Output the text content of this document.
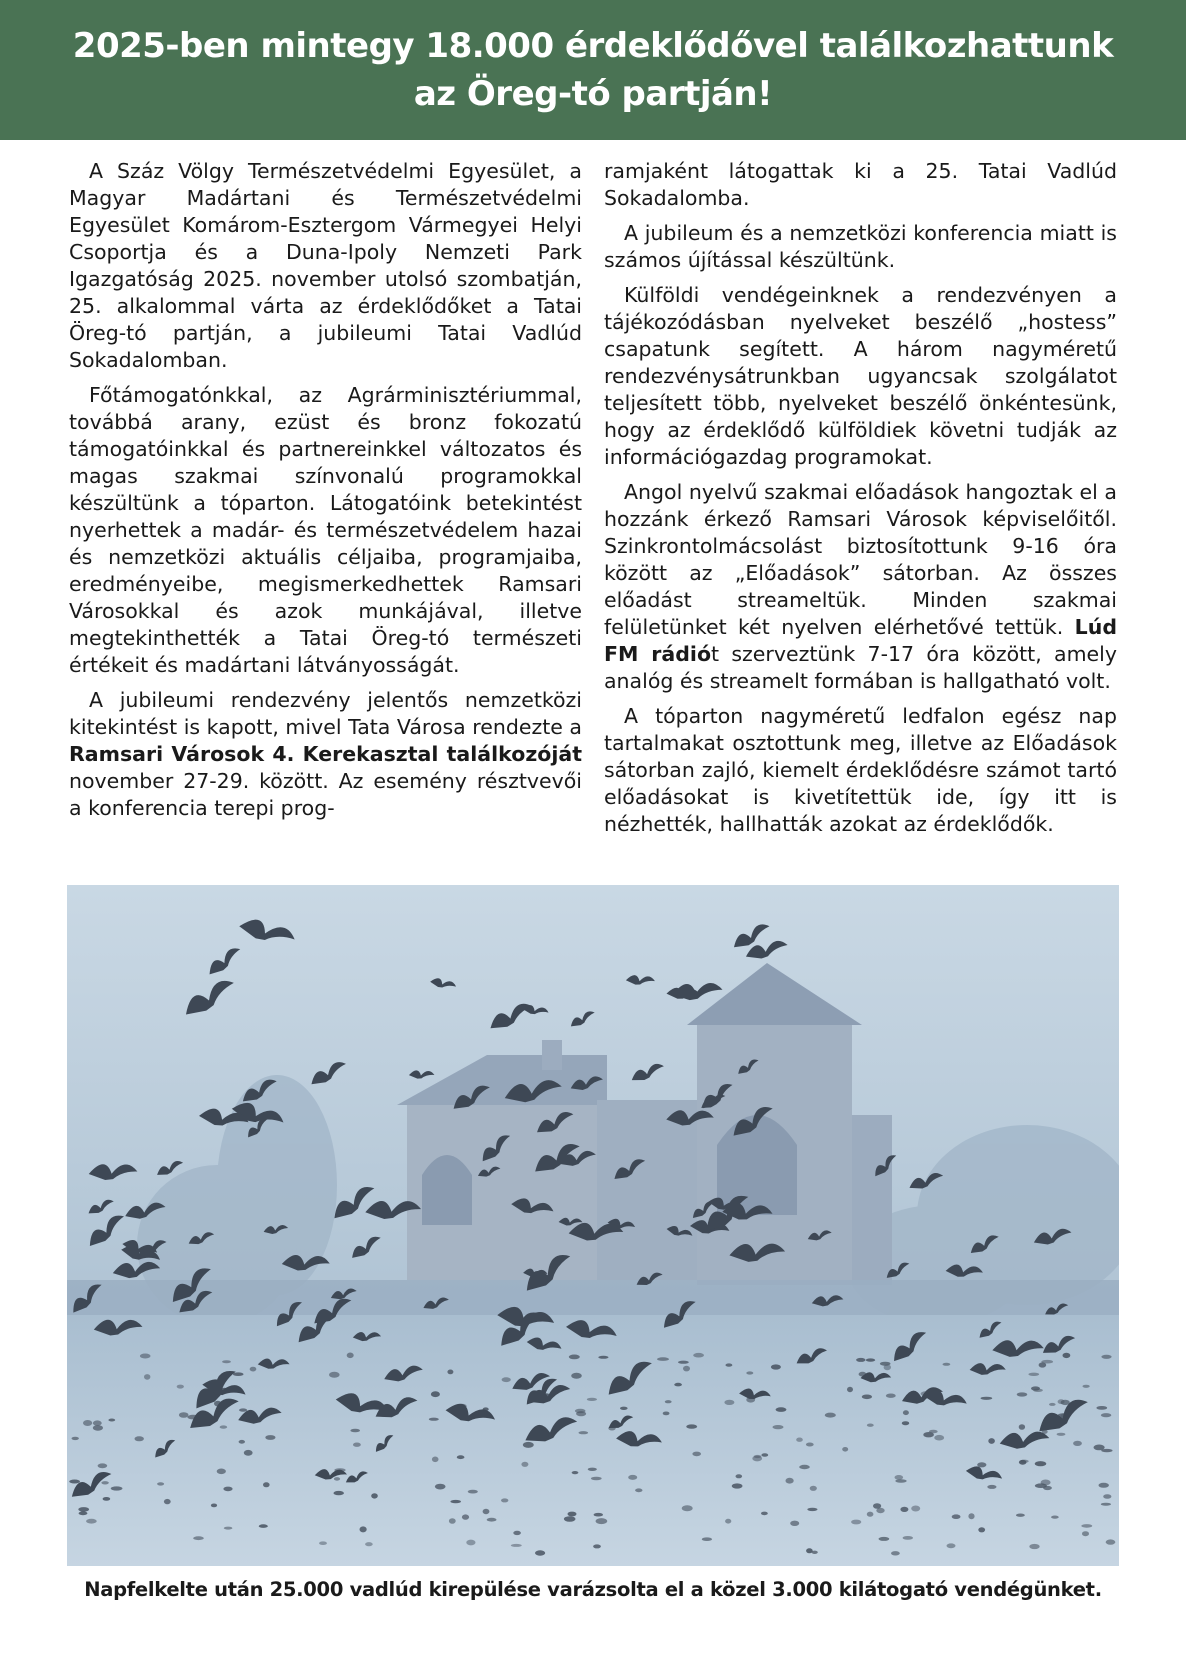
2025-ben mintegy 18.000 érdeklődővel találkozhattunk
az Öreg-tó partján!

A Száz Völgy Természetvédelmi Egyesület, a Magyar Madártani és Természetvédelmi Egyesület Komárom-Esztergom Vármegyei Helyi Csoportja és a Duna-Ipoly Nemzeti Park Igazgatóság 2025. november utolsó szombatján, 25. alkalommal várta az érdeklődőket a Tatai Öreg-tó partján, a jubileumi Tatai Vadlúd Sokadalomban.

Főtámogatónkkal, az Agrárminisztériummal, továbbá arany, ezüst és bronz fokozatú támogatóinkkal és partnereinkkel változatos és magas szakmai színvonalú programokkal készültünk a tóparton. Látogatóink betekintést nyerhettek a madár- és természetvédelem hazai és nemzetközi aktuális céljaiba, programjaiba, eredményeibe, megismerkedhettek Ramsari Városokkal és azok munkájával, illetve megtekinthették a Tatai Öreg-tó természeti értékeit és madártani látványosságát.

A jubileumi rendezvény jelentős nemzetközi kitekintést is kapott, mivel Tata Városa rendezte a Ramsari Városok 4. Kerekasztal találkozóját november 27-29. között. Az esemény résztvevői a konferencia terepi prog-

ramjaként látogattak ki a 25. Tatai Vadlúd Sokadalomba.

A jubileum és a nemzetközi konferencia miatt is számos újítással készültünk.

Külföldi vendégeinknek a rendezvényen a tájékozódásban nyelveket beszélő „hostess” csapatunk segített. A három nagyméretű rendezvénysátrunkban ugyancsak szolgálatot teljesített több, nyelveket beszélő önkéntesünk, hogy az érdeklődő külföldiek követni tudják az információgazdag programokat.

Angol nyelvű szakmai előadások hangoztak el a hozzánk érkező Ramsari Városok képviselőitől. Szinkrontolmácsolást biztosítottunk 9-16 óra között az „Előadások” sátorban. Az összes előadást streameltük. Minden szakmai felületünket két nyelven elérhetővé tettük. Lúd FM rádiót szerveztünk 7-17 óra között, amely analóg és streamelt formában is hallgatható volt.

A tóparton nagyméretű ledfalon egész nap tartalmakat osztottunk meg, illetve az Előadások sátorban zajló, kiemelt érdeklődésre számot tartó előadásokat is kivetítettük ide, így itt is nézhették, hallhatták azokat az érdeklődők.

Napfelkelte után 25.000 vadlúd kirepülése varázsolta el a közel 3.000 kilátogató vendégünket.
